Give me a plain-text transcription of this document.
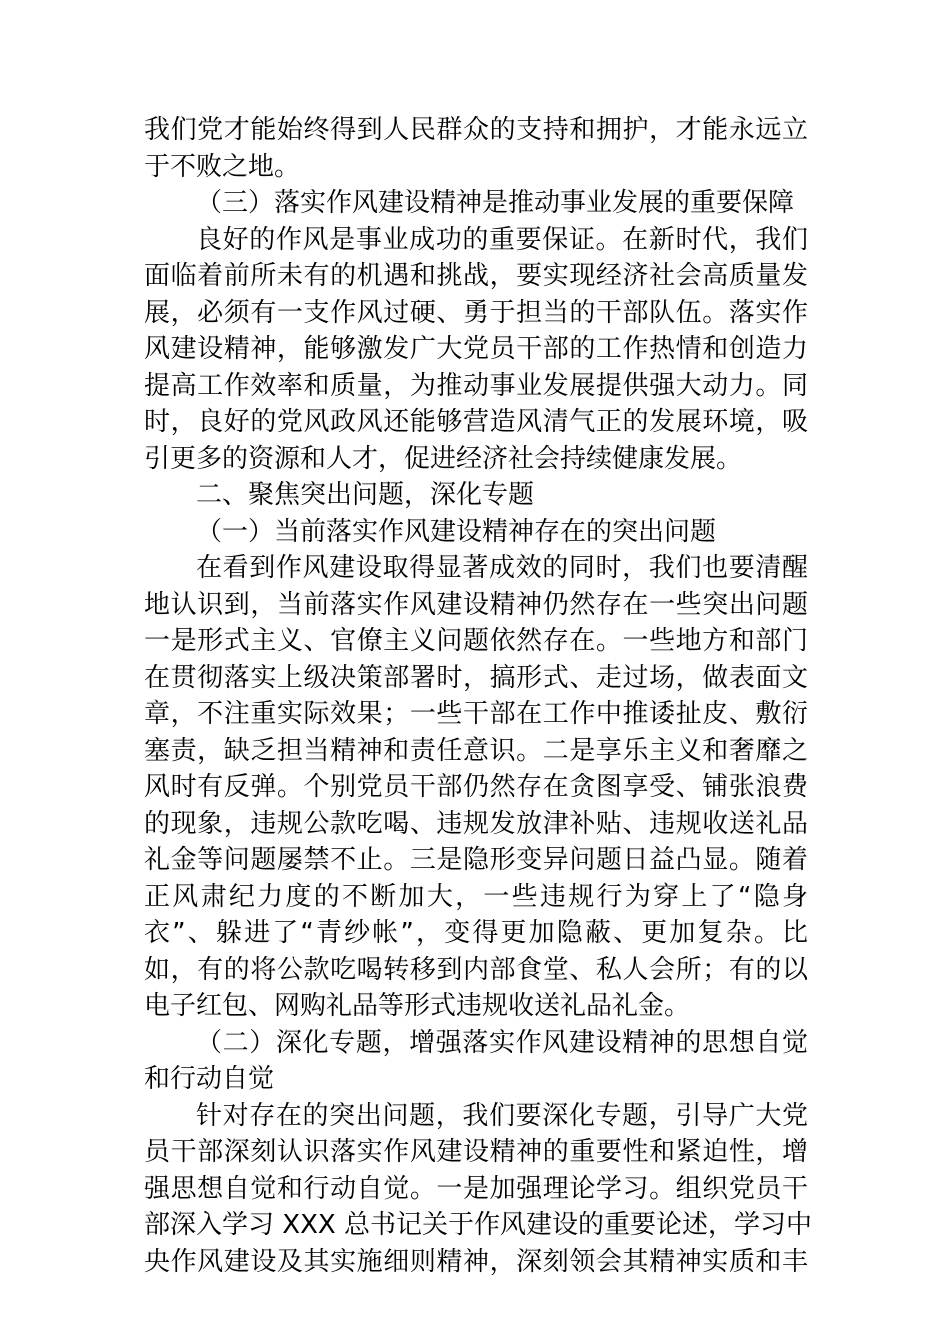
我们党才能始终得到人民群众的支持和拥护，才能永远立
于不败之地。
（三）落实作风建设精神是推动事业发展的重要保障
良好的作风是事业成功的重要保证。在新时代，我们
面临着前所未有的机遇和挑战，要实现经济社会高质量发
展，必须有一支作风过硬、勇于担当的干部队伍。落实作
风建设精神，能够激发广大党员干部的工作热情和创造力
提高工作效率和质量，为推动事业发展提供强大动力。同
时，良好的党风政风还能够营造风清气正的发展环境，吸
引更多的资源和人才，促进经济社会持续健康发展。
二、聚焦突出问题，深化专题
（一）当前落实作风建设精神存在的突出问题
在看到作风建设取得显著成效的同时，我们也要清醒
地认识到，当前落实作风建设精神仍然存在一些突出问题
一是形式主义、官僚主义问题依然存在。一些地方和部门
在贯彻落实上级决策部署时，搞形式、走过场，做表面文
章，不注重实际效果；一些干部在工作中推诿扯皮、敷衍
塞责，缺乏担当精神和责任意识。二是享乐主义和奢靡之
风时有反弹。个别党员干部仍然存在贪图享受、铺张浪费
的现象，违规公款吃喝、违规发放津补贴、违规收送礼品
礼金等问题屡禁不止。三是隐形变异问题日益凸显。随着
正风肃纪力度的不断加大，一些违规行为穿上了“隐身
衣”、躲进了“青纱帐”，变得更加隐蔽、更加复杂。比
如，有的将公款吃喝转移到内部食堂、私人会所；有的以
电子红包、网购礼品等形式违规收送礼品礼金。
（二）深化专题，增强落实作风建设精神的思想自觉
和行动自觉
针对存在的突出问题，我们要深化专题，引导广大党
员干部深刻认识落实作风建设精神的重要性和紧迫性，增
强思想自觉和行动自觉。一是加强理论学习。组织党员干
部深入学习 XXX 总书记关于作风建设的重要论述，学习中
央作风建设及其实施细则精神，深刻领会其精神实质和丰
